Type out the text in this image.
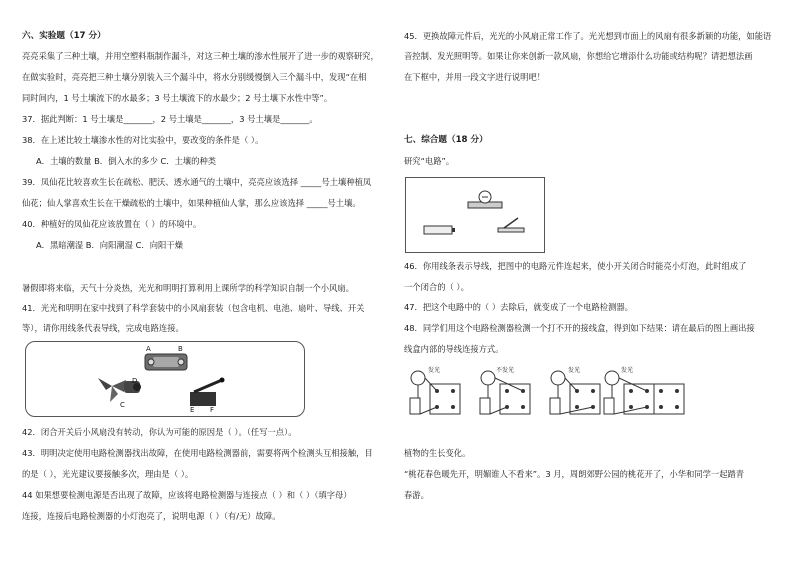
六、实验题（17 分）
亮亮采集了三种土壤，并用空塑料瓶制作漏斗，对这三种土壤的渗水性展开了进一步的观察研究，
在做实验时，亮亮把三种土壤分别装入三个漏斗中，将水分别缓慢倒入三个漏斗中，发现“在相
同时间内，1 号土壤流下的水最多；3 号土壤流下的水最少；2 号土壤下水性中等”。
37．据此判断：1 号土壤是_______，2 号土壤是_______，3 号土壤是_______。
38．在上述比较土壤渗水性的对比实验中，要改变的条件是（ ）。
A．土壤的数量 B．倒入水的多少 C．土壤的种类
39．凤仙花比较喜欢生长在疏松、肥沃、透水通气的土壤中，亮亮应该选择 _____号土壤种植凤
仙花；仙人掌喜欢生长在干燥疏松的土壤中，如果种植仙人掌，那么应该选择 _____号土壤。
40．种植好的凤仙花应该放置在（ ）的环境中。
A．黑暗潮湿 B．向阳潮湿 C．向阳干燥
暑假即将来临，天气十分炎热，光光和明明打算利用上课所学的科学知识自制一个小风扇。
41．光光和明明在家中找到了科学套装中的小风扇套装（包含电机、电池、扇叶、导线、开关
等），请你用线条代表导线，完成电路连接。
A	B
C
D
E F
42．闭合开关后小风扇没有转动，你认为可能的原因是（ ）。（任写一点）。
43．明明决定使用电路检测器找出故障，在使用电路检测器前，需要将两个检测头互相接触，目
的是（ ），光光建议要接触多次，理由是（ ）。
44 如果想要检测电源是否出现了故障，应该将电路检测器与连接点（ ）和（ ）（填字母）
连接，连接后电路检测器的小灯泡亮了，说明电源（ ）（有/无）故障。
45．更换故障元件后，光光的小风扇正常工作了。光光想到市面上的风扇有很多新颖的功能，如能语
音控制、发光照明等。如果让你来创新一款风扇，你想给它增添什么功能或结构呢？请把想法画
在下框中，并用一段文字进行说明吧！
七、综合题（18 分）
研究“电路”。
46．你用线条表示导线，把图中的电路元件连起来，使小开关闭合时能亮小灯泡，此时组成了
一个闭合的（ ）。
47．把这个电路中的（ ）去除后，就变成了一个电路检测器。
48．同学们用这个电路检测器检测一个打不开的接线盒，得到如下结果：请在最后的图上画出接
线盒内部的导线连接方式。
发光	不发光	发光	发光
植物的生长变化。
“桃花春色暖先开，明媚谁人不看来”。3 月，周朗郊野公园的桃花开了，小华和同学一起踏青
春游。
